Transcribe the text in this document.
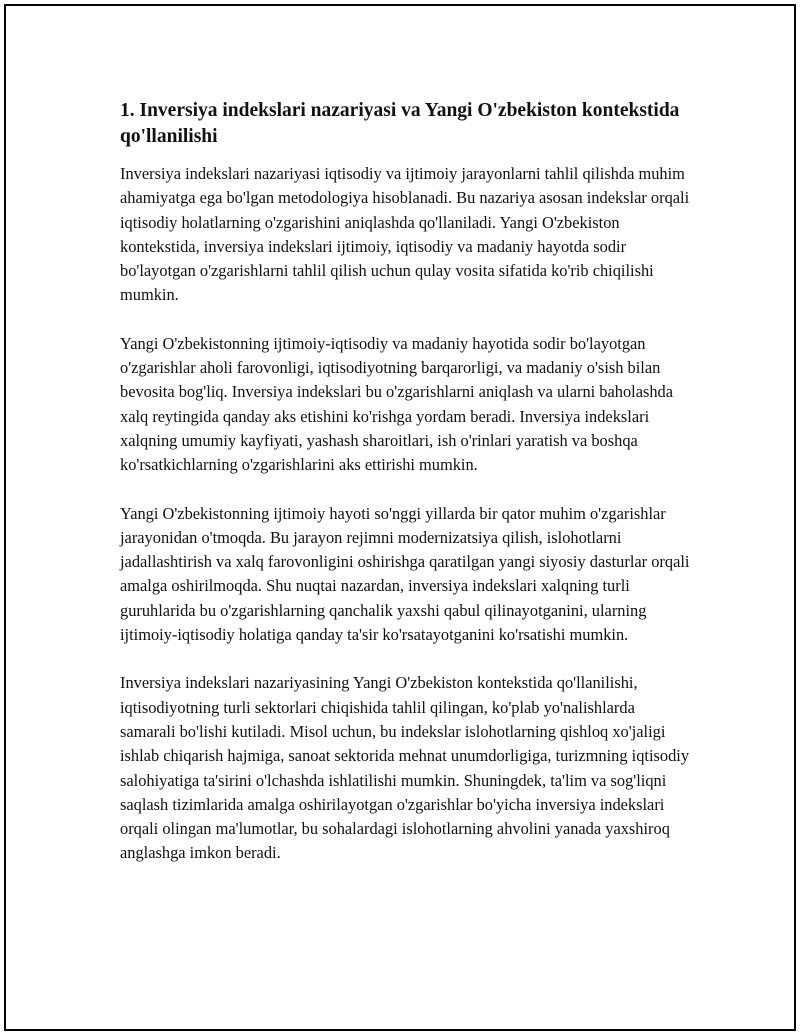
1. Inversiya indekslari nazariyasi va Yangi O'zbekiston kontekstida qo'llanilishi

Inversiya indekslari nazariyasi iqtisodiy va ijtimoiy jarayonlarni tahlil qilishda muhim ahamiyatga ega bo'lgan metodologiya hisoblanadi. Bu nazariya asosan indekslar orqali iqtisodiy holatlarning o'zgarishini aniqlashda qo'llaniladi. Yangi O'zbekiston kontekstida, inversiya indekslari ijtimoiy, iqtisodiy va madaniy hayotda sodir bo'layotgan o'zgarishlarni tahlil qilish uchun qulay vosita sifatida ko'rib chiqilishi mumkin.

Yangi O'zbekistonning ijtimoiy-iqtisodiy va madaniy hayotida sodir bo'layotgan o'zgarishlar aholi farovonligi, iqtisodiyotning barqarorligi, va madaniy o'sish bilan bevosita bog'liq. Inversiya indekslari bu o'zgarishlarni aniqlash va ularni baholashda xalq reytingida qanday aks etishini ko'rishga yordam beradi. Inversiya indekslari xalqning umumiy kayfiyati, yashash sharoitlari, ish o'rinlari yaratish va boshqa ko'rsatkichlarning o'zgarishlarini aks ettirishi mumkin.

Yangi O'zbekistonning ijtimoiy hayoti so'nggi yillarda bir qator muhim o'zgarishlar jarayonidan o'tmoqda. Bu jarayon rejimni modernizatsiya qilish, islohotlarni jadallashtirish va xalq farovonligini oshirishga qaratilgan yangi siyosiy dasturlar orqali amalga oshirilmoqda. Shu nuqtai nazardan, inversiya indekslari xalqning turli guruhlarida bu o'zgarishlarning qanchalik yaxshi qabul qilinayotganini, ularning ijtimoiy-iqtisodiy holatiga qanday ta'sir ko'rsatayotganini ko'rsatishi mumkin.

Inversiya indekslari nazariyasining Yangi O'zbekiston kontekstida qo'llanilishi, iqtisodiyotning turli sektorlari chiqishida tahlil qilingan, ko'plab yo'nalishlarda samarali bo'lishi kutiladi. Misol uchun, bu indekslar islohotlarning qishloq xo'jaligi ishlab chiqarish hajmiga, sanoat sektorida mehnat unumdorligiga, turizmning iqtisodiy salohiyatiga ta'sirini o'lchashda ishlatilishi mumkin. Shuningdek, ta'lim va sog'liqni saqlash tizimlarida amalga oshirilayotgan o'zgarishlar bo'yicha inversiya indekslari orqali olingan ma'lumotlar, bu sohalardagi islohotlarning ahvolini yanada yaxshiroq anglashga imkon beradi.
